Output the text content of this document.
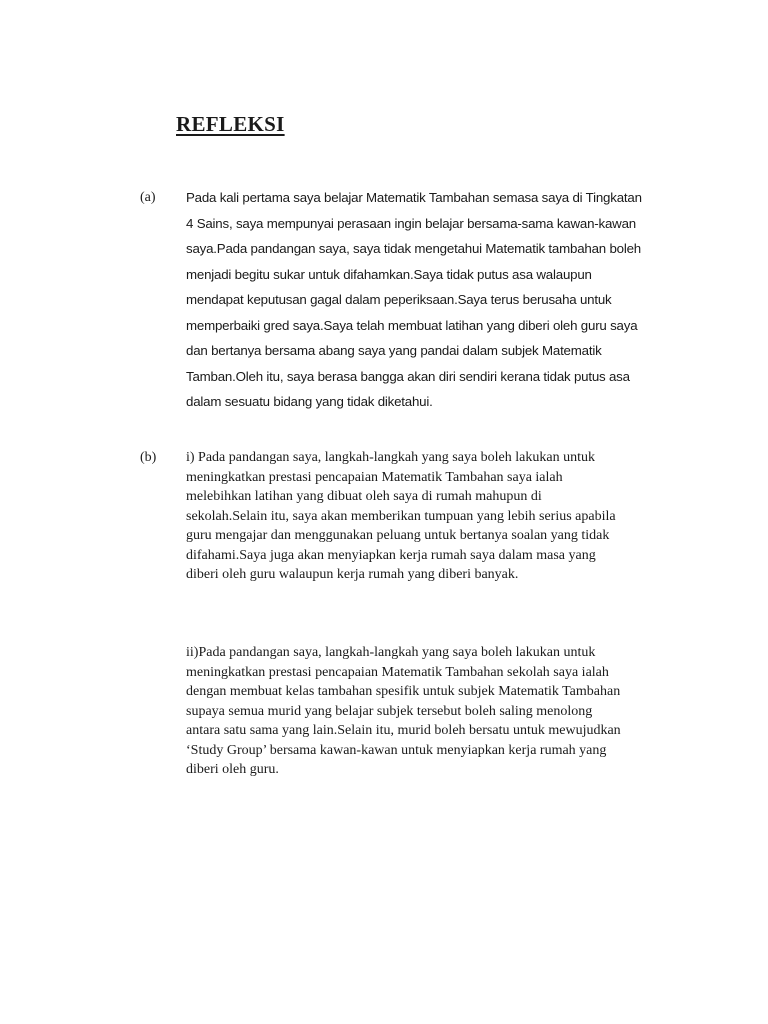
REFLEKSI
(a) Pada kali pertama saya belajar Matematik Tambahan semasa saya di Tingkatan
4 Sains, saya mempunyai perasaan ingin belajar bersama-sama kawan-kawan
saya.Pada pandangan saya, saya tidak mengetahui Matematik tambahan boleh
menjadi begitu sukar untuk difahamkan.Saya tidak putus asa walaupun
mendapat keputusan gagal dalam peperiksaan.Saya terus berusaha untuk
memperbaiki gred saya.Saya telah membuat latihan yang diberi oleh guru saya
dan bertanya bersama abang saya yang pandai dalam subjek Matematik
Tamban.Oleh itu, saya berasa bangga akan diri sendiri kerana tidak putus asa
dalam sesuatu bidang yang tidak diketahui.
(b) i) Pada pandangan saya, langkah-langkah yang saya boleh lakukan untuk
meningkatkan prestasi pencapaian Matematik Tambahan saya ialah
melebihkan latihan yang dibuat oleh saya di rumah mahupun di
sekolah.Selain itu, saya akan memberikan tumpuan yang lebih serius apabila
guru mengajar dan menggunakan peluang untuk bertanya soalan yang tidak
difahami.Saya juga akan menyiapkan kerja rumah saya dalam masa yang
diberi oleh guru walaupun kerja rumah yang diberi banyak.
ii)Pada pandangan saya, langkah-langkah yang saya boleh lakukan untuk
meningkatkan prestasi pencapaian Matematik Tambahan sekolah saya ialah
dengan membuat kelas tambahan spesifik untuk subjek Matematik Tambahan
supaya semua murid yang belajar subjek tersebut boleh saling menolong
antara satu sama yang lain.Selain itu, murid boleh bersatu untuk mewujudkan
‘Study Group’ bersama kawan-kawan untuk menyiapkan kerja rumah yang
diberi oleh guru.
